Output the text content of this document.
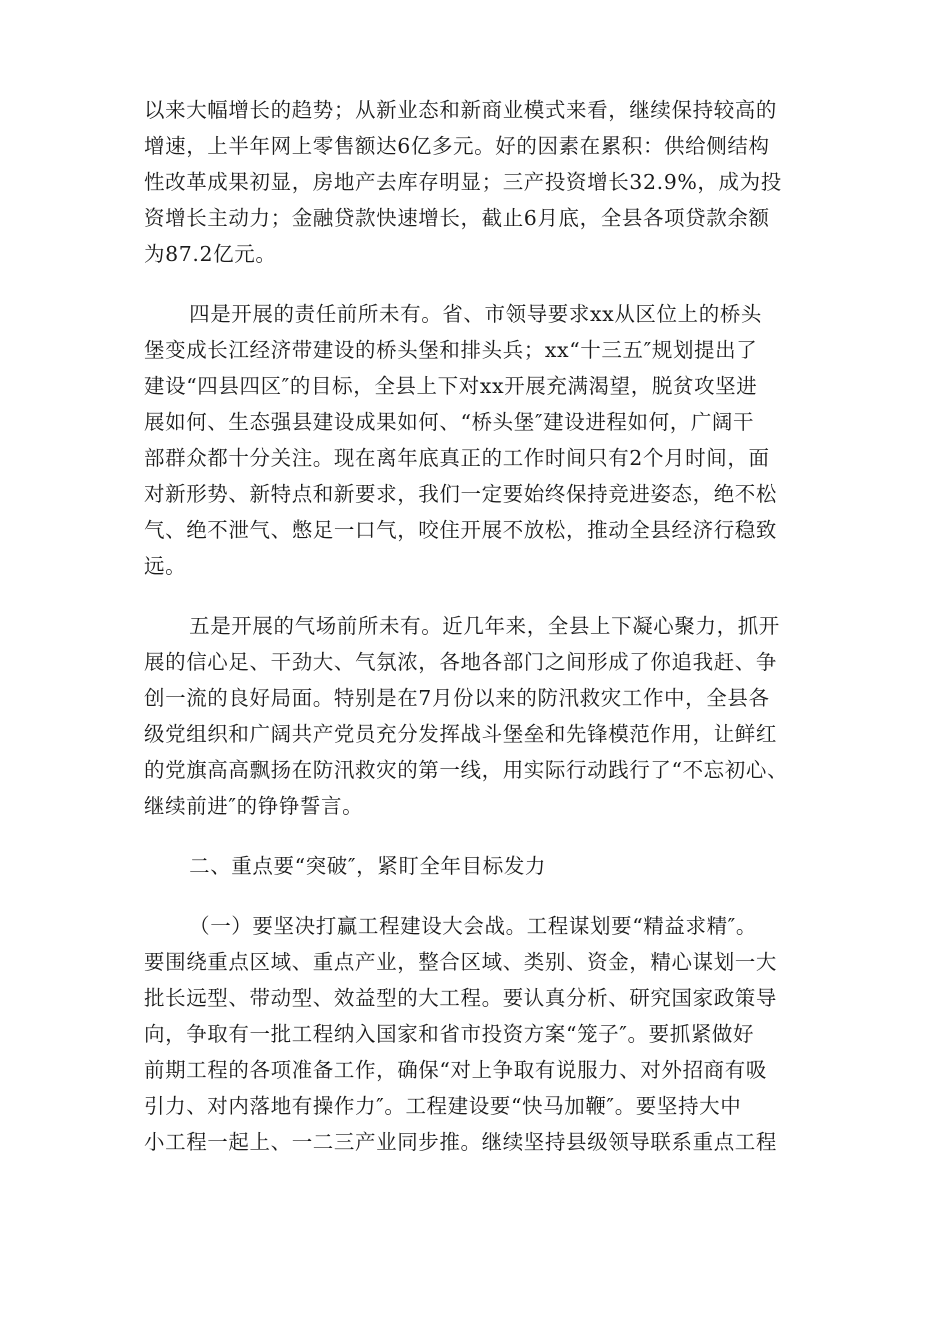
以来大幅增长的趋势；从新业态和新商业模式来看，继续保持较高的
增速，上半年网上零售额达6亿多元。好的因素在累积：供给侧结构
性改革成果初显，房地产去库存明显；三产投资增长32.9%，成为投
资增长主动力；金融贷款快速增长，截止6月底，全县各项贷款余额
为87.2亿元。

四是开展的责任前所未有。省、市领导要求xx从区位上的桥头
堡变成长江经济带建设的桥头堡和排头兵；xx“十三五″规划提出了
建设“四县四区″的目标，全县上下对xx开展充满渴望，脱贫攻坚进
展如何、生态强县建设成果如何、“桥头堡″建设进程如何，广阔干
部群众都十分关注。现在离年底真正的工作时间只有2个月时间，面
对新形势、新特点和新要求，我们一定要始终保持竞进姿态，绝不松
气、绝不泄气、憋足一口气，咬住开展不放松，推动全县经济行稳致
远。

五是开展的气场前所未有。近几年来，全县上下凝心聚力，抓开
展的信心足、干劲大、气氛浓，各地各部门之间形成了你追我赶、争
创一流的良好局面。特别是在7月份以来的防汛救灾工作中，全县各
级党组织和广阔共产党员充分发挥战斗堡垒和先锋模范作用，让鲜红
的党旗高高飘扬在防汛救灾的第一线，用实际行动践行了“不忘初心、
继续前进″的铮铮誓言。

二、重点要“突破″，紧盯全年目标发力

（一）要坚决打赢工程建设大会战。工程谋划要“精益求精″。
要围绕重点区域、重点产业，整合区域、类别、资金，精心谋划一大
批长远型、带动型、效益型的大工程。要认真分析、研究国家政策导
向，争取有一批工程纳入国家和省市投资方案“笼子″。要抓紧做好
前期工程的各项准备工作，确保“对上争取有说服力、对外招商有吸
引力、对内落地有操作力″。工程建设要“快马加鞭″。要坚持大中
小工程一起上、一二三产业同步推。继续坚持县级领导联系重点工程
